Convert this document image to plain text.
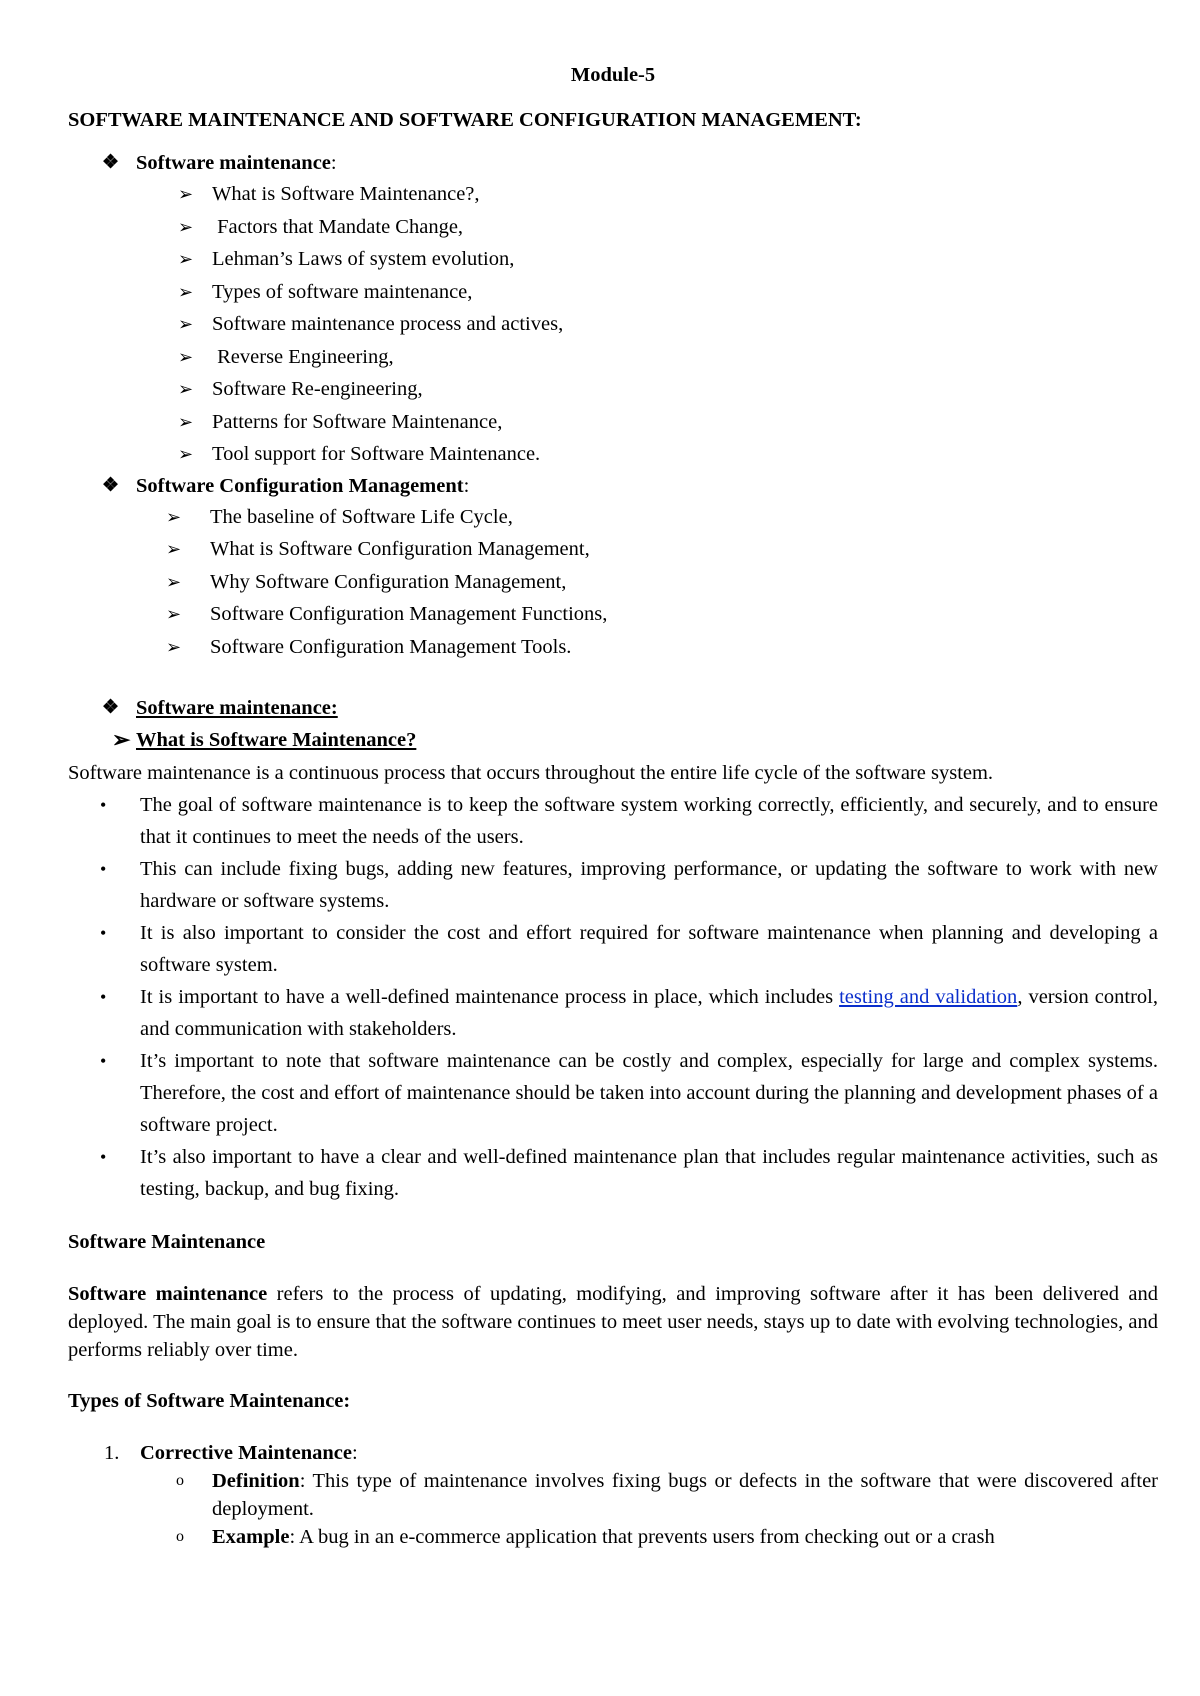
Module-5
SOFTWARE MAINTENANCE AND SOFTWARE CONFIGURATION MANAGEMENT:
❖ Software maintenance:
➢ What is Software Maintenance?,
➢ Factors that Mandate Change,
➢ Lehman’s Laws of system evolution,
➢ Types of software maintenance,
➢ Software maintenance process and actives,
➢ Reverse Engineering,
➢ Software Re-engineering,
➢ Patterns for Software Maintenance,
➢ Tool support for Software Maintenance.
❖ Software Configuration Management:
➢ The baseline of Software Life Cycle,
➢ What is Software Configuration Management,
➢ Why Software Configuration Management,
➢ Software Configuration Management Functions,
➢ Software Configuration Management Tools.
❖ Software maintenance:
➢ What is Software Maintenance?

Software maintenance is a continuous process that occurs throughout the entire life cycle of the software system.

• The goal of software maintenance is to keep the software system working correctly, efficiently, and securely, and to ensure that it continues to meet the needs of the users.
• This can include fixing bugs, adding new features, improving performance, or updating the software to work with new hardware or software systems.
• It is also important to consider the cost and effort required for software maintenance when planning and developing a software system.
• It is important to have a well-defined maintenance process in place, which includes testing and validation, version control, and communication with stakeholders.
• It’s important to note that software maintenance can be costly and complex, especially for large and complex systems. Therefore, the cost and effort of maintenance should be taken into account during the planning and development phases of a software project.
• It’s also important to have a clear and well-defined maintenance plan that includes regular maintenance activities, such as testing, backup, and bug fixing.
Software Maintenance

Software maintenance refers to the process of updating, modifying, and improving software after it has been delivered and deployed. The main goal is to ensure that the software continues to meet user needs, stays up to date with evolving technologies, and performs reliably over time.

Types of Software Maintenance:
1. Corrective Maintenance:
o Definition: This type of maintenance involves fixing bugs or defects in the software that were discovered after deployment.
o Example: A bug in an e-commerce application that prevents users from checking out or a crash
